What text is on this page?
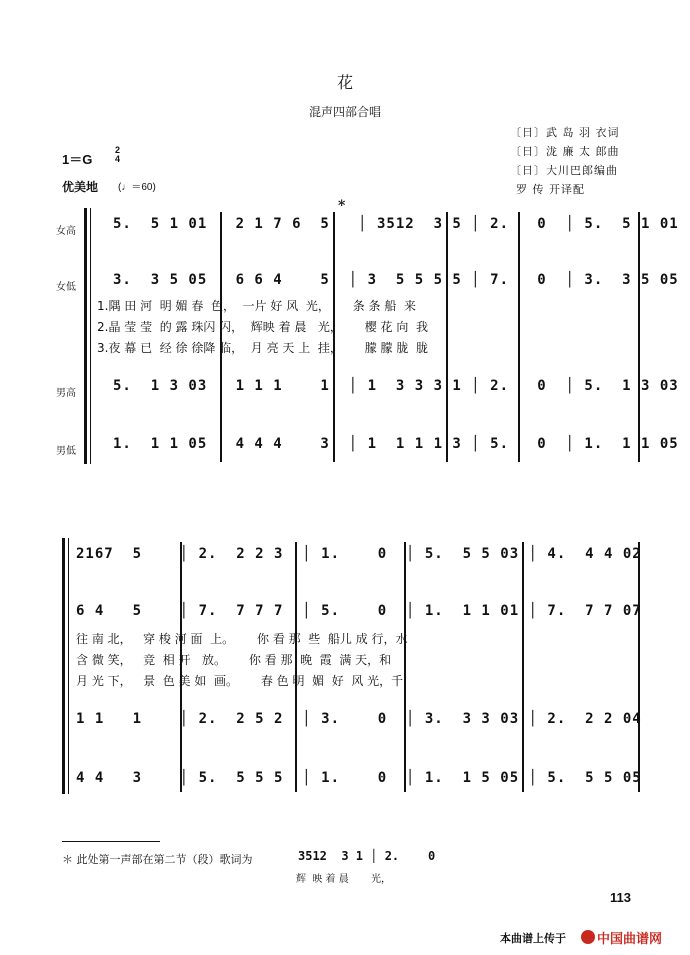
花
混声四部合唱
〔日〕武 岛 羽 衣词
〔日〕泷 廉 太 郎曲
〔日〕大川巴郎编曲
罗 传 开译配
1＝G
2
4
优美地 (♩＝60)
*
女高
女低
男高
男低
5.  5 1 01 │ 2 1 7 6  5   │ 3512  3 5 │ 2.   0  │ 5.  5 1 01
3.  3 5 05 │ 6 6 4    5  │ 3  5 5 5 5 │ 7.   0  │ 3.  3 5 05
1.隅 田 河  明 媚 春  色，  一片 好 风  光，      条 条 船  来
2.晶 莹 莹  的 露 珠闪 闪，  辉映 着 晨   光，      樱 花 向  我
3.夜 幕 已  经 徐 徐降 临，  月 亮 天 上  挂，      朦 朦 胧  胧
5.  1 3 03 │ 1 1 1    1  │ 1  3 3 3 1 │ 2.   0  │ 5.  1 3 03
1.  1 1 05 │ 4 4 4    3  │ 1  1 1 1 3 │ 5.   0  │ 1.  1 1 05
2167  5    │ 2.  2 2 3  │ 1.    0  │ 5.  5 5 03 │ 4.  4 4 02
6 4   5    │ 7.  7 7 7  │ 5.    0  │ 1.  1 1 01 │ 7.  7 7 07
往 南 北，   穿 梭 河 面  上。      你 看 那  些  船儿 成 行，水
含 微 笑，   竞  相 开   放。      你 看 那  晚  霞  满 天，和
月 光 下，   景  色 美 如  画。      春 色 明  媚  好  风 光，千
1 1   1    │ 2.  2 5 2  │ 3.    0  │ 3.  3 3 03 │ 2.  2 2 04
4 4   3    │ 5.  5 5 5  │ 1.    0  │ 1.  1 5 05 │ 5.  5 5 05
＊ 此处第一声部在第二节（段）歌词为	3512  3 1 │ 2.    0
辉  映 着 晨       光，
113
本曲谱上传于 中国曲谱网
